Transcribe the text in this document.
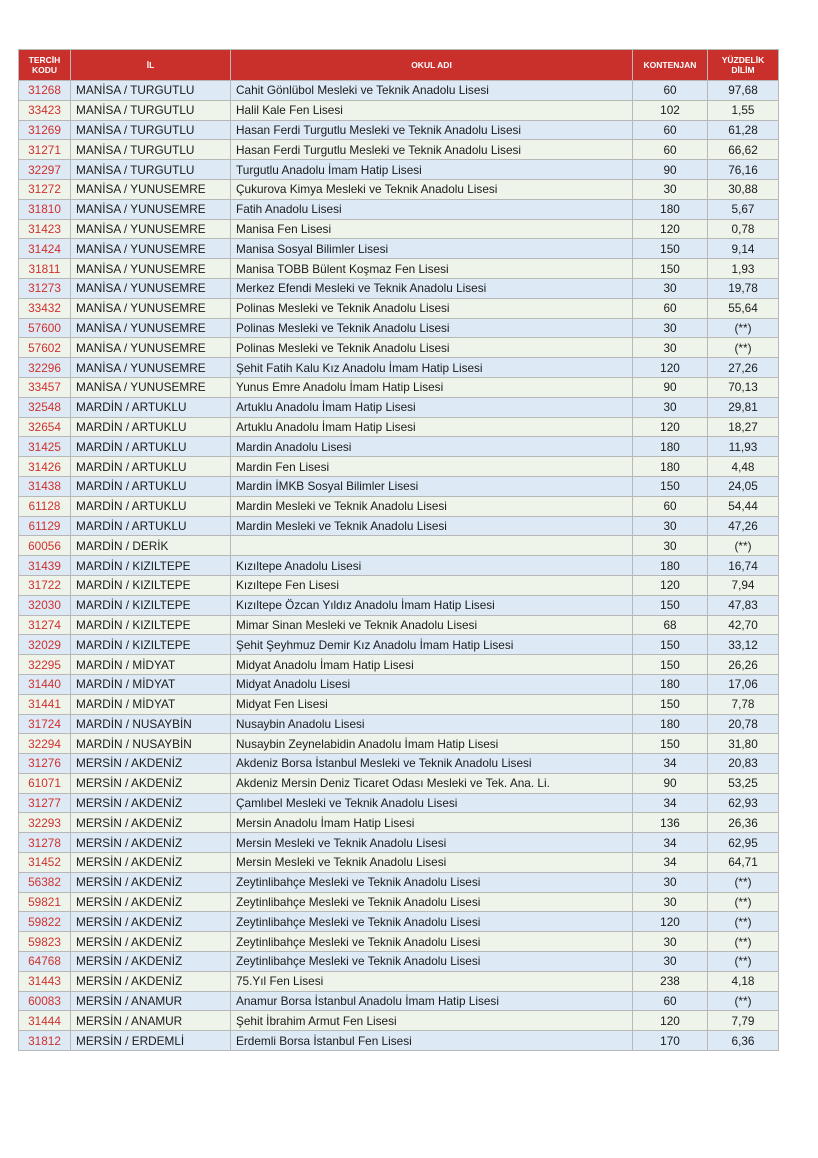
TERCİH KODU	İL	OKUL ADI	KONTENJAN	YÜZDELİK DİLİM
31268	MANİSA / TURGUTLU	Cahit Gönlübol Mesleki ve Teknik Anadolu Lisesi	60	97,68
33423	MANİSA / TURGUTLU	Halil Kale Fen Lisesi	102	1,55
31269	MANİSA / TURGUTLU	Hasan Ferdi Turgutlu Mesleki ve Teknik Anadolu Lisesi	60	61,28
31271	MANİSA / TURGUTLU	Hasan Ferdi Turgutlu Mesleki ve Teknik Anadolu Lisesi	60	66,62
32297	MANİSA / TURGUTLU	Turgutlu Anadolu İmam Hatip Lisesi	90	76,16
31272	MANİSA / YUNUSEMRE	Çukurova Kimya Mesleki ve Teknik Anadolu Lisesi	30	30,88
31810	MANİSA / YUNUSEMRE	Fatih Anadolu Lisesi	180	5,67
31423	MANİSA / YUNUSEMRE	Manisa Fen Lisesi	120	0,78
31424	MANİSA / YUNUSEMRE	Manisa Sosyal Bilimler Lisesi	150	9,14
31811	MANİSA / YUNUSEMRE	Manisa TOBB Bülent Koşmaz Fen Lisesi	150	1,93
31273	MANİSA / YUNUSEMRE	Merkez Efendi Mesleki ve Teknik Anadolu Lisesi	30	19,78
33432	MANİSA / YUNUSEMRE	Polinas Mesleki ve Teknik Anadolu Lisesi	60	55,64
57600	MANİSA / YUNUSEMRE	Polinas Mesleki ve Teknik Anadolu Lisesi	30	(**)
57602	MANİSA / YUNUSEMRE	Polinas Mesleki ve Teknik Anadolu Lisesi	30	(**)
32296	MANİSA / YUNUSEMRE	Şehit Fatih Kalu Kız Anadolu İmam Hatip Lisesi	120	27,26
33457	MANİSA / YUNUSEMRE	Yunus Emre Anadolu İmam Hatip Lisesi	90	70,13
32548	MARDİN / ARTUKLU	Artuklu Anadolu İmam Hatip Lisesi	30	29,81
32654	MARDİN / ARTUKLU	Artuklu Anadolu İmam Hatip Lisesi	120	18,27
31425	MARDİN / ARTUKLU	Mardin Anadolu Lisesi	180	11,93
31426	MARDİN / ARTUKLU	Mardin Fen Lisesi	180	4,48
31438	MARDİN / ARTUKLU	Mardin İMKB Sosyal Bilimler Lisesi	150	24,05
61128	MARDİN / ARTUKLU	Mardin Mesleki ve Teknik Anadolu Lisesi	60	54,44
61129	MARDİN / ARTUKLU	Mardin Mesleki ve Teknik Anadolu Lisesi	30	47,26
60056	MARDİN / DERİK		30	(**)
31439	MARDİN / KIZILTEPE	Kızıltepe Anadolu Lisesi	180	16,74
31722	MARDİN / KIZILTEPE	Kızıltepe Fen Lisesi	120	7,94
32030	MARDİN / KIZILTEPE	Kızıltepe Özcan Yıldız Anadolu İmam Hatip Lisesi	150	47,83
31274	MARDİN / KIZILTEPE	Mimar Sinan Mesleki ve Teknik Anadolu Lisesi	68	42,70
32029	MARDİN / KIZILTEPE	Şehit Şeyhmuz Demir Kız Anadolu İmam Hatip Lisesi	150	33,12
32295	MARDİN / MİDYAT	Midyat Anadolu İmam Hatip Lisesi	150	26,26
31440	MARDİN / MİDYAT	Midyat Anadolu Lisesi	180	17,06
31441	MARDİN / MİDYAT	Midyat Fen Lisesi	150	7,78
31724	MARDİN / NUSAYBİN	Nusaybin Anadolu Lisesi	180	20,78
32294	MARDİN / NUSAYBİN	Nusaybin Zeynelabidin Anadolu İmam Hatip Lisesi	150	31,80
31276	MERSİN / AKDENİZ	Akdeniz Borsa İstanbul Mesleki ve Teknik Anadolu Lisesi	34	20,83
61071	MERSİN / AKDENİZ	Akdeniz Mersin Deniz Ticaret Odası Mesleki ve Tek. Ana. Li.	90	53,25
31277	MERSİN / AKDENİZ	Çamlıbel Mesleki ve Teknik Anadolu Lisesi	34	62,93
32293	MERSİN / AKDENİZ	Mersin Anadolu İmam Hatip Lisesi	136	26,36
31278	MERSİN / AKDENİZ	Mersin Mesleki ve Teknik Anadolu Lisesi	34	62,95
31452	MERSİN / AKDENİZ	Mersin Mesleki ve Teknik Anadolu Lisesi	34	64,71
56382	MERSİN / AKDENİZ	Zeytinlibahçe Mesleki ve Teknik Anadolu Lisesi	30	(**)
59821	MERSİN / AKDENİZ	Zeytinlibahçe Mesleki ve Teknik Anadolu Lisesi	30	(**)
59822	MERSİN / AKDENİZ	Zeytinlibahçe Mesleki ve Teknik Anadolu Lisesi	120	(**)
59823	MERSİN / AKDENİZ	Zeytinlibahçe Mesleki ve Teknik Anadolu Lisesi	30	(**)
64768	MERSİN / AKDENİZ	Zeytinlibahçe Mesleki ve Teknik Anadolu Lisesi	30	(**)
31443	MERSİN / AKDENİZ	75.Yıl Fen Lisesi	238	4,18
60083	MERSİN / ANAMUR	Anamur Borsa İstanbul Anadolu İmam Hatip Lisesi	60	(**)
31444	MERSİN / ANAMUR	Şehit İbrahim Armut Fen Lisesi	120	7,79
31812	MERSİN / ERDEMLİ	Erdemli Borsa İstanbul Fen Lisesi	170	6,36
